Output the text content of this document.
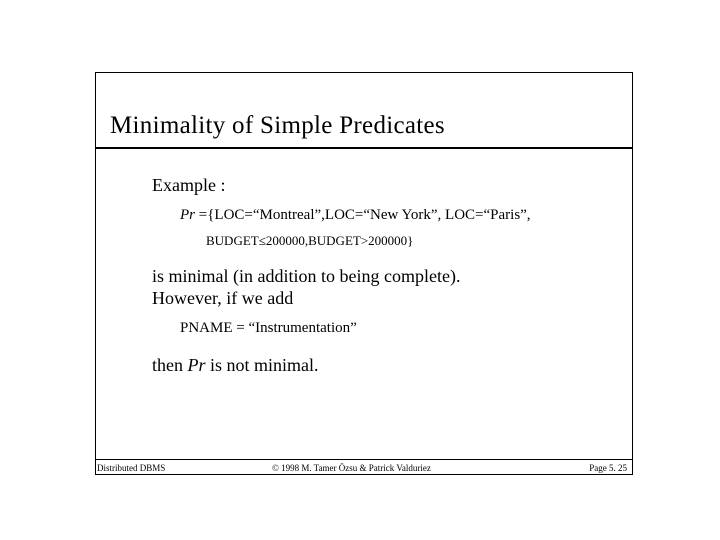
Minimality of Simple Predicates
Example :
Pr ={LOC=“Montreal”,LOC=“New York”, LOC=“Paris”,
BUDGET≤200000,BUDGET>200000}
is minimal (in addition to being complete).
However, if we add
PNAME = “Instrumentation”
then Pr is not minimal.
Distributed DBMS	© 1998 M. Tamer Özsu & Patrick Valduriez	Page 5. 25
